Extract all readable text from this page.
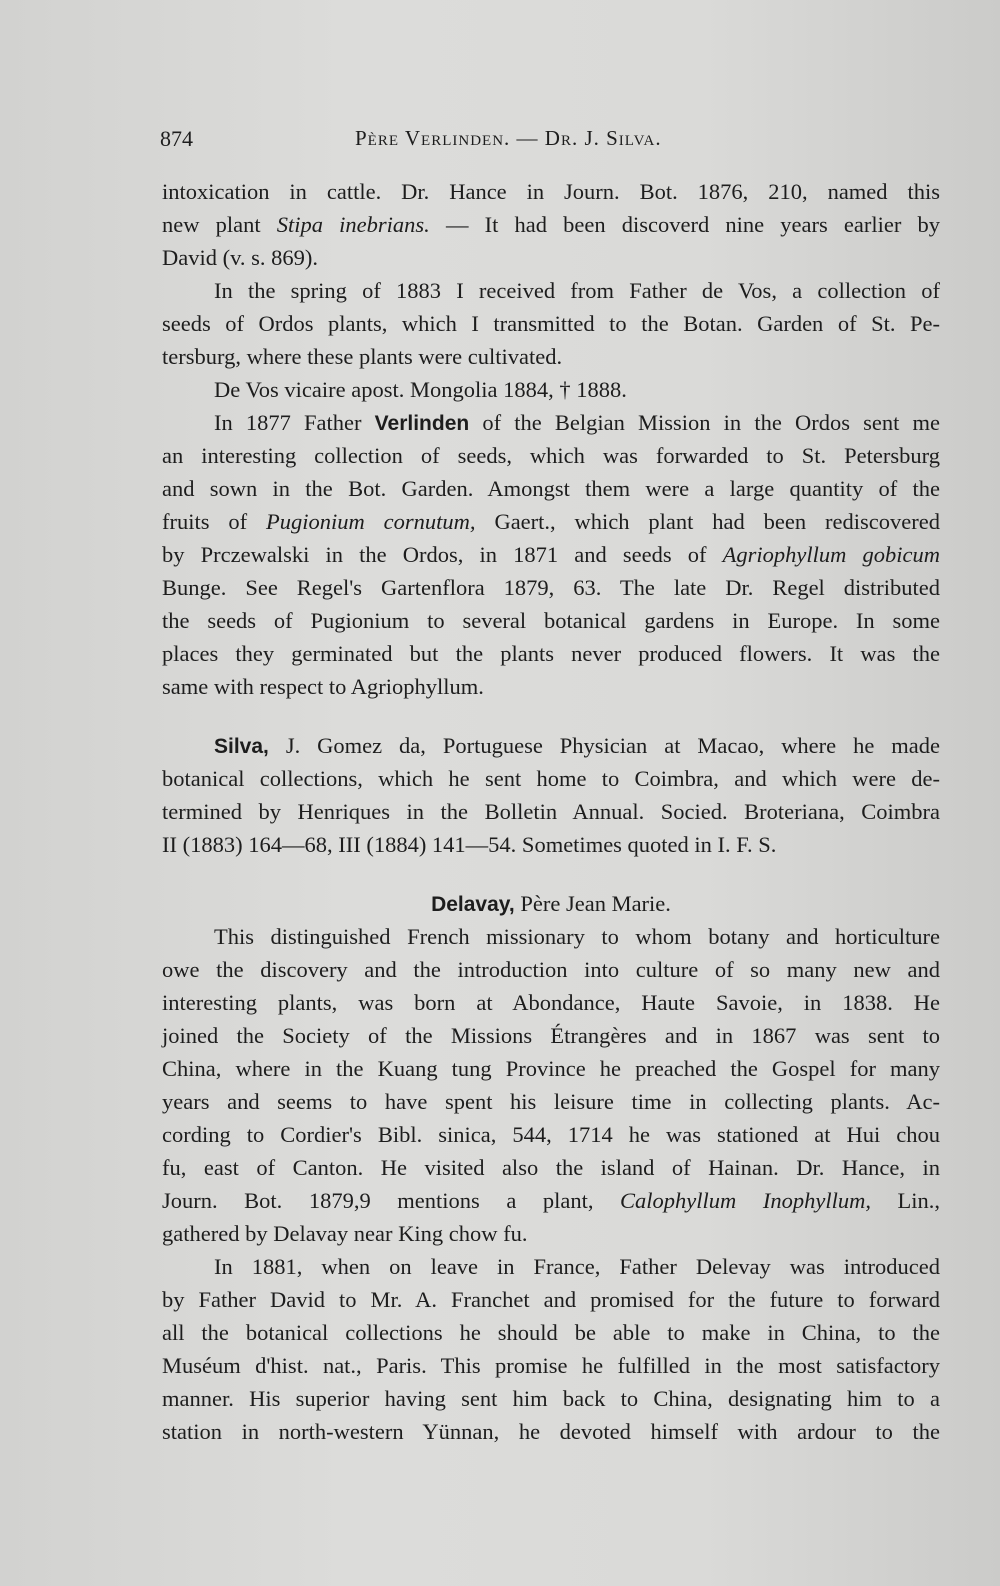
874	Père Verlinden. — Dr. J. Silva.
intoxication in cattle. Dr. Hance in Journ. Bot. 1876, 210, named this
new plant Stipa inebrians. — It had been discoverd nine years earlier by
David (v. s. 869).
In the spring of 1883 I received from Father de Vos, a collection of
seeds of Ordos plants, which I transmitted to the Botan. Garden of St. Pe-
tersburg, where these plants were cultivated.
De Vos vicaire apost. Mongolia 1884, † 1888.
In 1877 Father Verlinden of the Belgian Mission in the Ordos sent me
an interesting collection of seeds, which was forwarded to St. Petersburg
and sown in the Bot. Garden. Amongst them were a large quantity of the
fruits of Pugionium cornutum, Gaert., which plant had been rediscovered
by Prczewalski in the Ordos, in 1871 and seeds of Agriophyllum gobicum
Bunge. See Regel's Gartenflora 1879, 63. The late Dr. Regel distributed
the seeds of Pugionium to several botanical gardens in Europe. In some
places they germinated but the plants never produced flowers. It was the
same with respect to Agriophyllum.
Silva, J. Gomez da, Portuguese Physician at Macao, where he made
botanical collections, which he sent home to Coimbra, and which were de-
termined by Henriques in the Bolletin Annual. Socied. Broteriana, Coimbra
II (1883) 164—68, III (1884) 141—54. Sometimes quoted in I. F. S.
Delavay, Père Jean Marie.
This distinguished French missionary to whom botany and horticulture
owe the discovery and the introduction into culture of so many new and
interesting plants, was born at Abondance, Haute Savoie, in 1838. He
joined the Society of the Missions Étrangères and in 1867 was sent to
China, where in the Kuang tung Province he preached the Gospel for many
years and seems to have spent his leisure time in collecting plants. Ac-
cording to Cordier's Bibl. sinica, 544, 1714 he was stationed at Hui chou
fu, east of Canton. He visited also the island of Hainan. Dr. Hance, in
Journ. Bot. 1879,9 mentions a plant, Calophyllum Inophyllum, Lin.,
gathered by Delavay near King chow fu.
In 1881, when on leave in France, Father Delevay was introduced
by Father David to Mr. A. Franchet and promised for the future to forward
all the botanical collections he should be able to make in China, to the
Muséum d'hist. nat., Paris. This promise he fulfilled in the most satisfactory
manner. His superior having sent him back to China, designating him to a
station in north-western Yünnan, he devoted himself with ardour to the
